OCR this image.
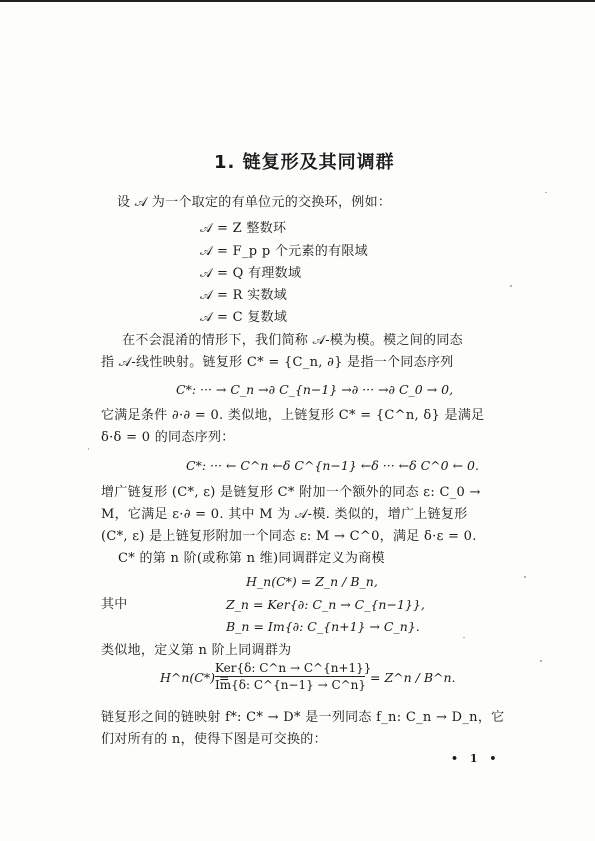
1. 链复形及其同调群
设 𝒜 为一个取定的有单位元的交换环，例如：
𝒜 = Z 整数环
𝒜 = F_p p 个元素的有限域
𝒜 = Q 有理数域
𝒜 = R 实数域
𝒜 = C 复数域
在不会混淆的情形下，我们简称 𝒜-模为模。模之间的同态
指 𝒜-线性映射。链复形 C* = {C_n, ∂} 是指一个同态序列
C*: ··· → C_n →∂ C_{n−1} →∂ ··· →∂ C_0 → 0,
它满足条件 ∂·∂ = 0. 类似地，上链复形 C* = {C^n, δ} 是满足
δ·δ = 0 的同态序列：
C*: ··· ← C^n ←δ C^{n−1} ←δ ··· ←δ C^0 ← 0.
增广链复形 (C*, ε) 是链复形 C* 附加一个额外的同态 ε: C_0 →
M，它满足 ε·∂ = 0. 其中 M 为 𝒜-模. 类似的，增广上链复形
(C*, ε) 是上链复形附加一个同态 ε: M → C^0，满足 δ·ε = 0.
C* 的第 n 阶(或称第 n 维)同调群定义为商模
H_n(C*) = Z_n / B_n,
其中	Z_n = Ker{∂: C_n → C_{n−1}},
B_n = Im{∂: C_{n+1} → C_n}.
类似地，定义第 n 阶上同调群为
H^n(C*) =
Ker{δ: C^n → C^{n+1}}
Im{δ: C^{n−1} → C^n} = Z^n / B^n.
链复形之间的链映射 f*: C* → D* 是一列同态 f_n: C_n → D_n，它
们对所有的 n，使得下图是可交换的：
• 1 •
